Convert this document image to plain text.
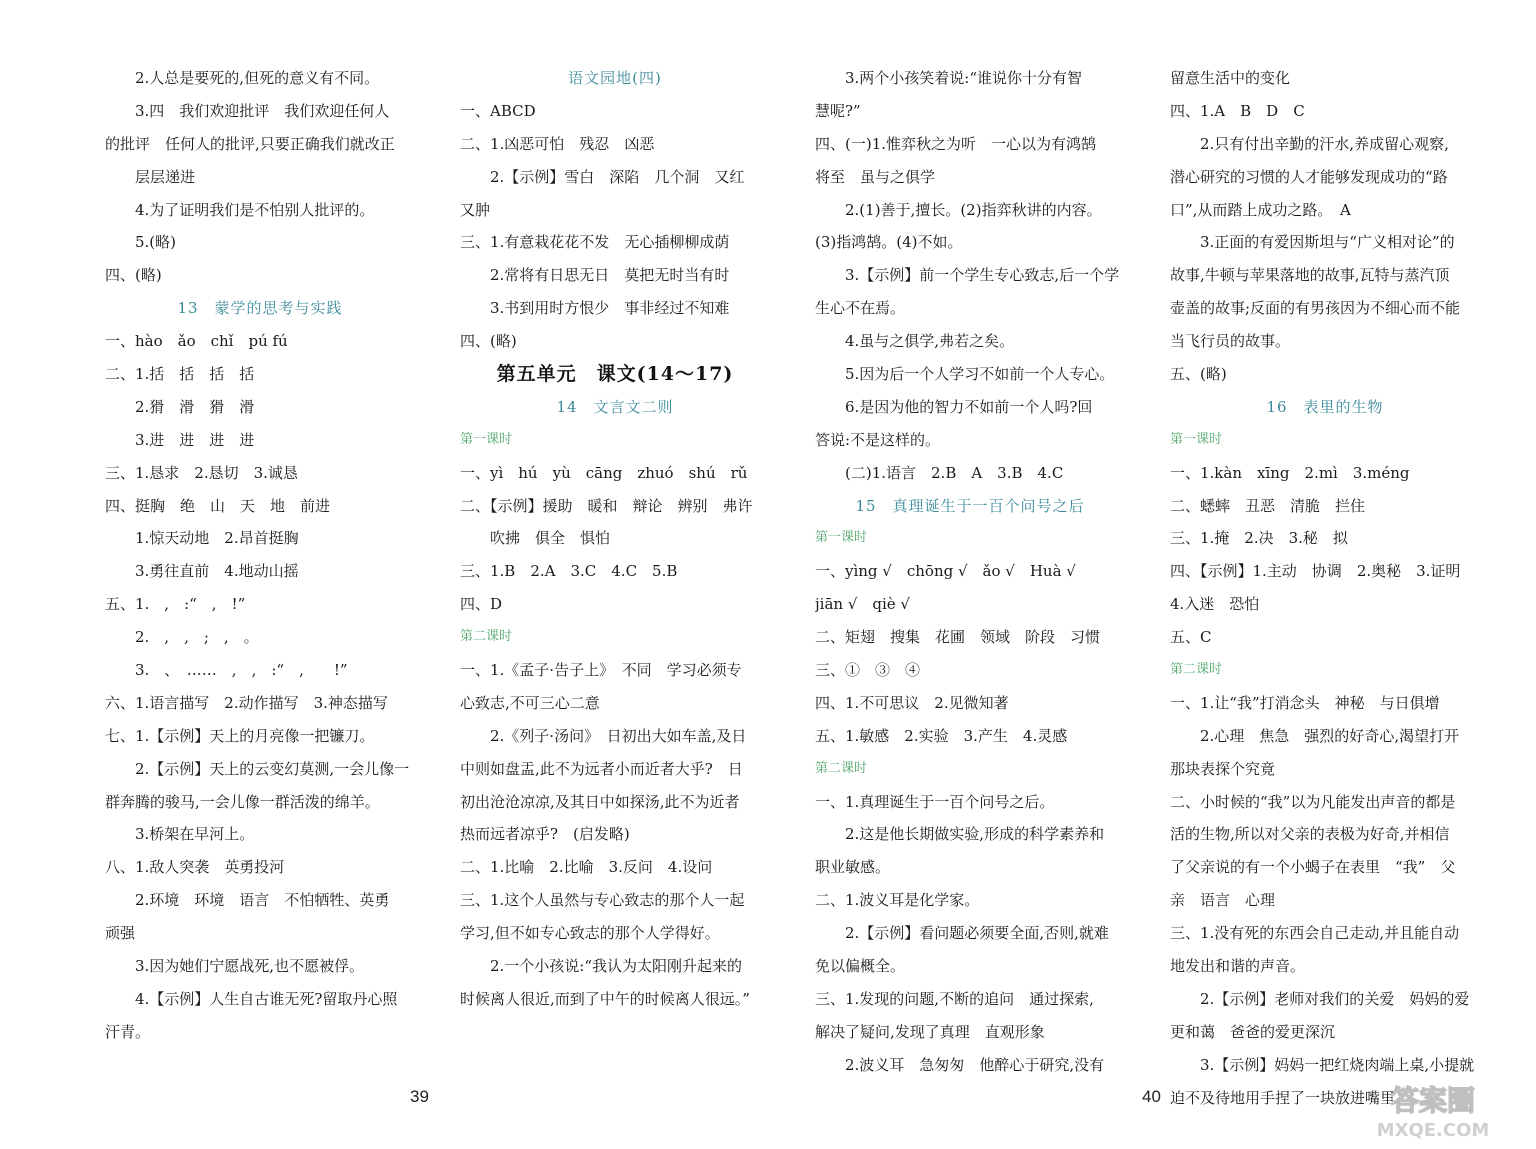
2.人总是要死的,但死的意义有不同。
3.四　我们欢迎批评　我们欢迎任何人
的批评　任何人的批评,只要正确我们就改正
层层递进
4.为了证明我们是不怕别人批评的。
5.(略)
四、(略)
13　蒙学的思考与实践
一、hào　ǎo　chǐ　pú fú
二、1.括　括　括　括
2.猾　滑　猾　滑
3.进　进　进　进
三、1.恳求　2.恳切　3.诚恳
四、挺胸　绝　山　天　地　前进
1.惊天动地　2.昂首挺胸
3.勇往直前　4.地动山摇
五、1.　,　:“　,　!”
2.　,　,　;　,　。
3.　、　……　,　,　:“　,　　!”
六、1.语言描写　2.动作描写　3.神态描写
七、1.【示例】天上的月亮像一把镰刀。
2.【示例】天上的云变幻莫测,一会儿像一
群奔腾的骏马,一会儿像一群活泼的绵羊。
3.桥架在早河上。
八、1.敌人突袭　英勇投河
2.环境　环境　语言　不怕牺牲、英勇
顽强
3.因为她们宁愿战死,也不愿被俘。
4.【示例】人生自古谁无死?留取丹心照
汗青。
语文园地(四)
一、ABCD
二、1.凶恶可怕　残忍　凶恶
2.【示例】雪白　深陷　几个洞　又红
又肿
三、1.有意栽花花不发　无心插柳柳成荫
2.常将有日思无日　莫把无时当有时
3.书到用时方恨少　事非经过不知难
四、(略)
第五单元　课文(14～17)
14　文言文二则
第一课时
一、yì　hú　yù　cāng　zhuó　shú　rǔ
二、【示例】援助　暖和　辩论　辨别　弗许
吹拂　俱全　惧怕
三、1.B　2.A　3.C　4.C　5.B
四、D
第二课时
一、1.《孟子·告子上》　不同　学习必须专
心致志,不可三心二意
2.《列子·汤问》　日初出大如车盖,及日
中则如盘盂,此不为远者小而近者大乎?　日
初出沧沧凉凉,及其日中如探汤,此不为近者
热而远者凉乎?　(启发略)
二、1.比喻　2.比喻　3.反问　4.设问
三、1.这个人虽然与专心致志的那个人一起
学习,但不如专心致志的那个人学得好。
2.一个小孩说:“我认为太阳刚升起来的
时候离人很近,而到了中午的时候离人很远。”
3.两个小孩笑着说:“谁说你十分有智
慧呢?”
四、(一)1.惟弈秋之为听　一心以为有鸿鹄
将至　虽与之俱学
2.(1)善于,擅长。(2)指弈秋讲的内容。
(3)指鸿鹄。(4)不如。
3.【示例】前一个学生专心致志,后一个学
生心不在焉。
4.虽与之俱学,弗若之矣。
5.因为后一个人学习不如前一个人专心。
6.是因为他的智力不如前一个人吗?回
答说:不是这样的。
(二)1.语言　2.B　A　3.B　4.C
15　真理诞生于一百个问号之后
第一课时
一、yìng √　chōng √　ǎo √　Huà √
jiān √　qiè √
二、矩翅　搜集　花圃　领域　阶段　习惯
三、①　③　④
四、1.不可思议　2.见微知著
五、1.敏感　2.实验　3.产生　4.灵感
第二课时
一、1.真理诞生于一百个问号之后。
2.这是他长期做实验,形成的科学素养和
职业敏感。
二、1.波义耳是化学家。
2.【示例】看问题必须要全面,否则,就难
免以偏概全。
三、1.发现的问题,不断的追问　通过探索,
解决了疑问,发现了真理　直观形象
2.波义耳　急匆匆　他醉心于研究,没有
留意生活中的变化
四、1.A　B　D　C
2.只有付出辛勤的汗水,养成留心观察,
潜心研究的习惯的人才能够发现成功的“路
口”,从而踏上成功之路。　A
3.正面的有爱因斯坦与“广义相对论”的
故事,牛顿与苹果落地的故事,瓦特与蒸汽顶
壶盖的故事;反面的有男孩因为不细心而不能
当飞行员的故事。
五、(略)
16　表里的生物
第一课时
一、1.kàn　xīng　2.mì　3.méng
二、蟋蟀　丑恶　清脆　拦住
三、1.掩　2.决　3.秘　拟
四、【示例】1.主动　协调　2.奥秘　3.证明
4.入迷　恐怕
五、C
第二课时
一、1.让“我”打消念头　神秘　与日俱增
2.心理　焦急　强烈的好奇心,渴望打开
那块表探个究竟
二、小时候的“我”以为凡能发出声音的都是
活的生物,所以对父亲的表极为好奇,并相信
了父亲说的有一个小蝎子在表里　“我”　父
亲　语言　心理
三、1.没有死的东西会自己走动,并且能自动
地发出和谐的声音。
2.【示例】老师对我们的关爱　妈妈的爱
更和蔼　爸爸的爱更深沉
3.【示例】妈妈一把红烧肉端上桌,小提就
迫不及待地用手捏了一块放进嘴里。
39	40	答案圈
MXQE.COM
